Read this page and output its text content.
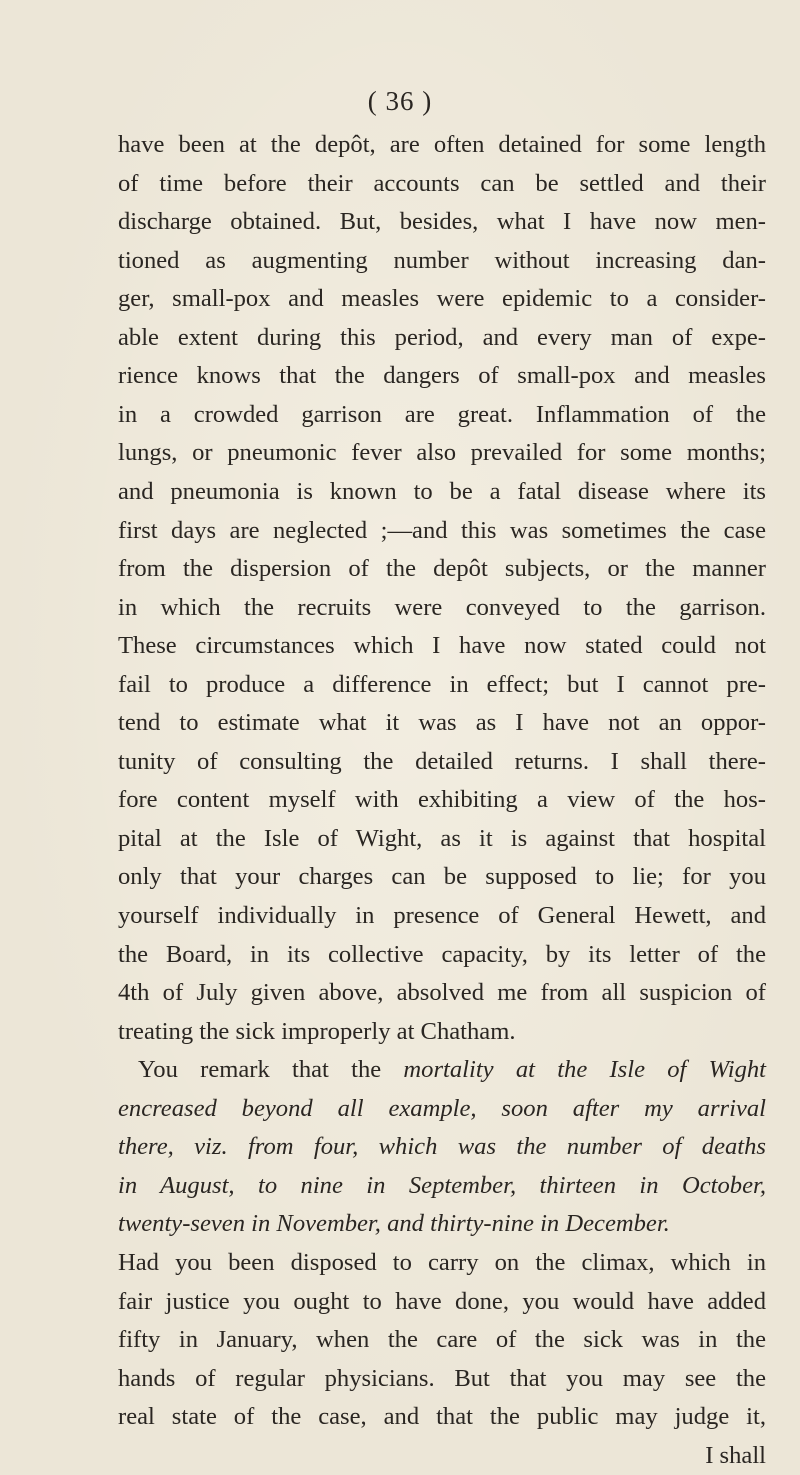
( 36 )
have been at the depôt, are often detained for some length
of time before their accounts can be settled and their
discharge obtained. But, besides, what I have now men-
tioned as augmenting number without increasing dan-
ger, small-pox and measles were epidemic to a consider-
able extent during this period, and every man of expe-
rience knows that the dangers of small-pox and measles
in a crowded garrison are great. Inflammation of the
lungs, or pneumonic fever also prevailed for some months;
and pneumonia is known to be a fatal disease where its
first days are neglected ;—and this was sometimes the case
from the dispersion of the depôt subjects, or the manner
in which the recruits were conveyed to the garrison.
These circumstances which I have now stated could not
fail to produce a difference in effect; but I cannot pre-
tend to estimate what it was as I have not an oppor-
tunity of consulting the detailed returns. I shall there-
fore content myself with exhibiting a view of the hos-
pital at the Isle of Wight, as it is against that hospital
only that your charges can be supposed to lie; for you
yourself individually in presence of General Hewett, and
the Board, in its collective capacity, by its letter of the
4th of July given above, absolved me from all suspicion of
treating the sick improperly at Chatham.
You remark that the mortality at the Isle of Wight
encreased beyond all example, soon after my arrival
there, viz. from four, which was the number of deaths
in August, to nine in September, thirteen in October,
twenty-seven in November, and thirty-nine in December.
Had you been disposed to carry on the climax, which in
fair justice you ought to have done, you would have added
fifty in January, when the care of the sick was in the
hands of regular physicians. But that you may see the
real state of the case, and that the public may judge it,
I shall
